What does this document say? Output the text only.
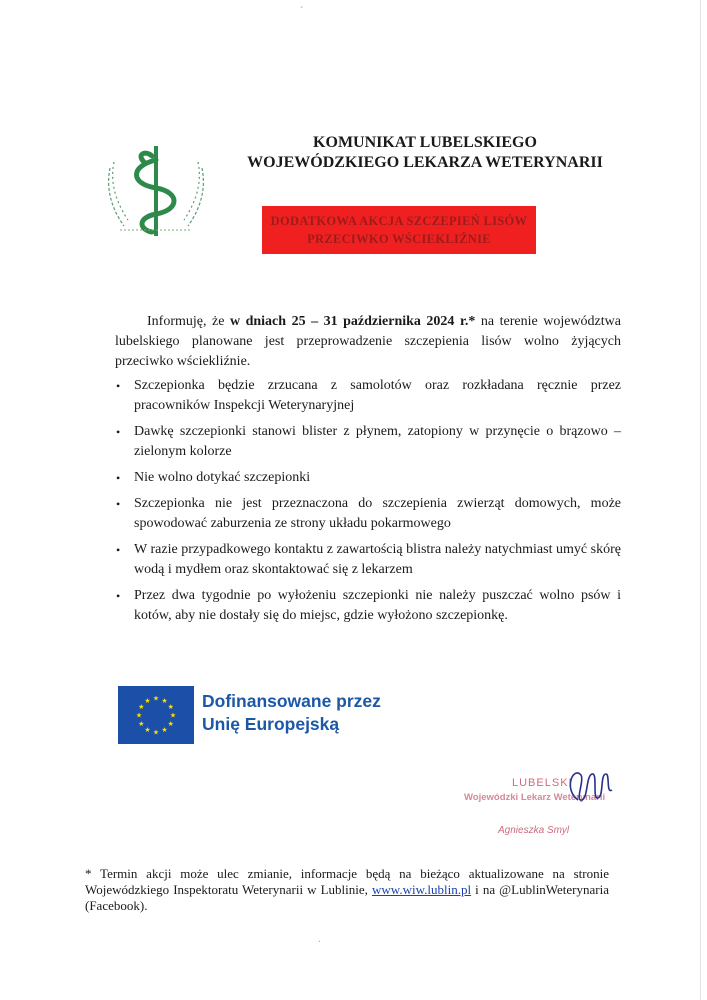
ˊ
ˑ
KOMUNIKAT LUBELSKIEGO
WOJEWÓDZKIEGO LEKARZA WETERYNARII
DODATKOWA AKCJA SZCZEPIEŃ LISÓW
PRZECIWKO WŚCIEKLIŹNIE

Informuję, że w dniach 25 – 31 października 2024 r.* na terenie województwa lubelskiego planowane jest przeprowadzenie szczepienia lisów wolno żyjących przeciwko wściekliźnie.

• Szczepionka będzie zrzucana z samolotów oraz rozkładana ręcznie przez pracowników Inspekcji Weterynaryjnej
• Dawkę szczepionki stanowi blister z płynem, zatopiony w przynęcie o brązowo – zielonym kolorze
• Nie wolno dotykać szczepionki
• Szczepionka nie jest przeznaczona do szczepienia zwierząt domowych, może spowodować zaburzenia ze strony układu pokarmowego
• W razie przypadkowego kontaktu z zawartością blistra należy natychmiast umyć skórę wodą i mydłem oraz skontaktować się z lekarzem
• Przez dwa tygodnie po wyłożeniu szczepionki nie należy puszczać wolno psów i kotów, aby nie dostały się do miejsc, gdzie wyłożono szczepionkę.
★ ★
★
★
★
★
★
★
★
★
★
★	Dofinansowane przez
Unię Europejską
LUBELSKI
Wojewódzki Lekarz Weterynarii
Agnieszka Smyl
* Termin akcji może ulec zmianie, informacje będą na bieżąco aktualizowane na stronie Wojewódzkiego Inspektoratu Weterynarii w Lublinie, www.wiw.lublin.pl i na @LublinWeterynaria (Facebook).
